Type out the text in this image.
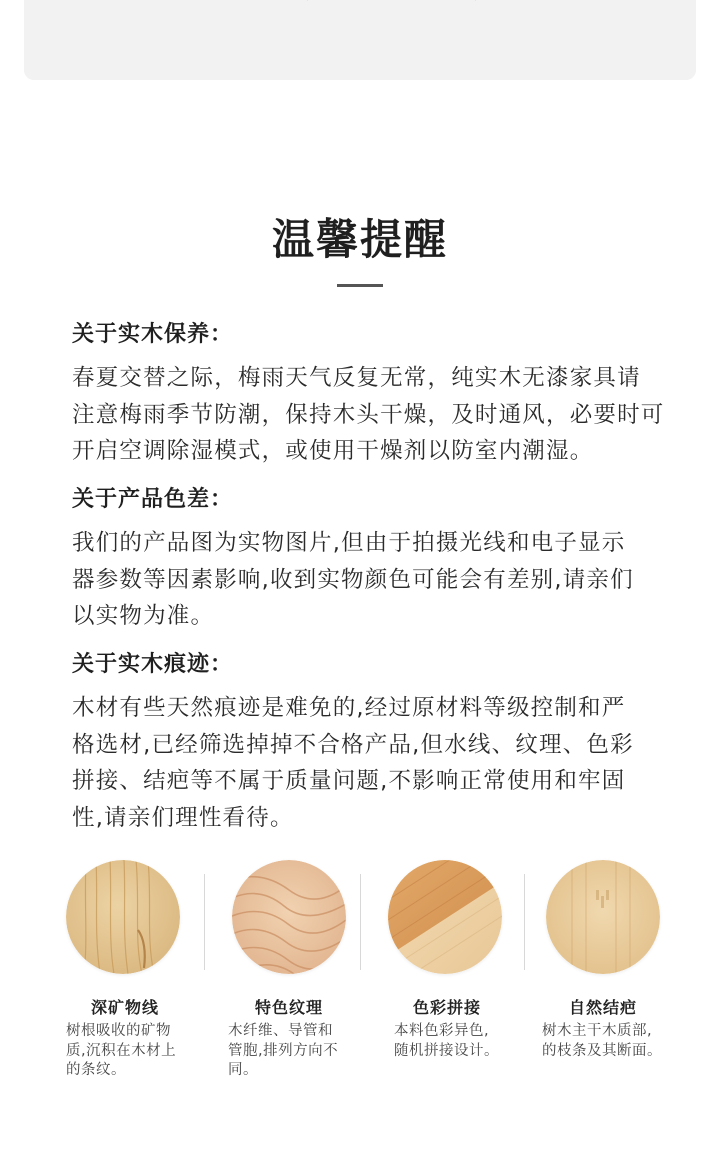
温馨提醒
关于实木保养：
春夏交替之际，梅雨天气反复无常，纯实木无漆家具请
注意梅雨季节防潮，保持木头干燥，及时通风，必要时可
开启空调除湿模式，或使用干燥剂以防室内潮湿。
关于产品色差：
我们的产品图为实物图片,但由于拍摄光线和电子显示
器参数等因素影响,收到实物颜色可能会有差别,请亲们
以实物为准。
关于实木痕迹：
木材有些天然痕迹是难免的,经过原材料等级控制和严
格选材,已经筛选掉掉不合格产品,但水线、纹理、色彩
拼接、结疤等不属于质量问题,不影响正常使用和牢固
性,请亲们理性看待。
深矿物线
树根吸收的矿物
质,沉积在木材上
的条纹。
特色纹理
木纤维、导管和
管胞,排列方向不
同。
色彩拼接
本料色彩异色,
随机拼接设计。
自然结疤
树木主干木质部,
的枝条及其断面。
